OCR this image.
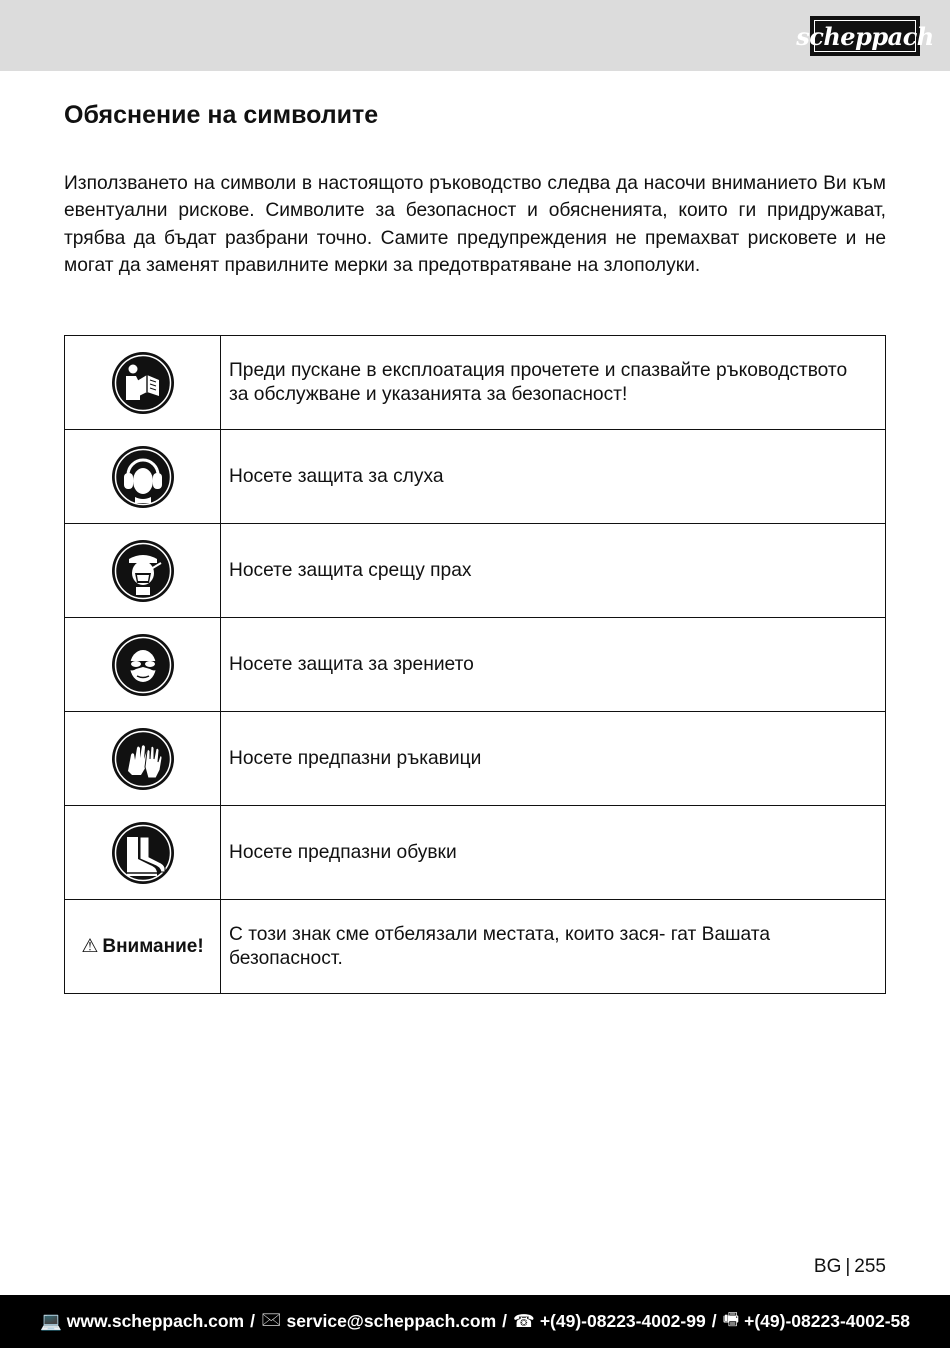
scheppach
Обяснение на символите

Използването на символи в настоящото ръководство следва да насочи вниманието Ви към евентуални рискове. Символите за безопасност и обясненията, които ги придружават, трябва да бъдат разбрани точно. Самите предупреждения не премахват рисковете и не могат да заменят правилните мерки за предотвратяване на злополуки.

	Преди пускане в експлоатация прочетете и спазвайте ръководството за обслужване и указанията за безопасност!
	Носете защита за слуха
	Носете защита срещу прах
	Носете защита за зрението
	Носете предпазни ръкавици
	Носете предпазни обувки
⚠ Внимание!	С този знак сме отбелязали местата, които зася- гат Вашата безопасност.
BG | 255
💻 www.scheppach.com / 🖂 service@scheppach.com / ☎ +(49)-08223-4002-99 / 🖷 +(49)-08223-4002-58
